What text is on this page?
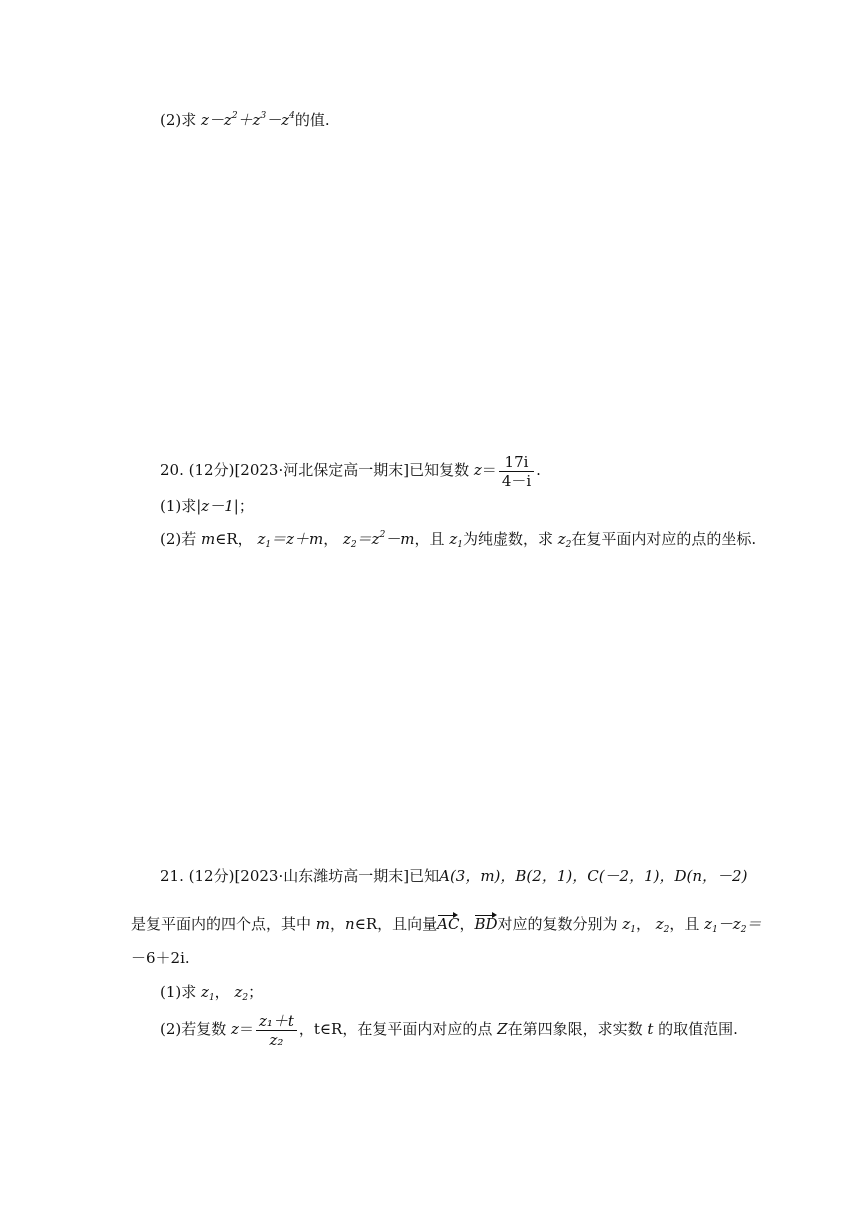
(2)求 $z-z^2+z^3-z^4$的值.
20. (12分)[2023·河北保定高一期末]已知复数 $z= \frac{17i}{4-i}$ .
(1)求|z－1|；
(2)若 m∈R， $z_1=z+m$， $z_2=z^2-m$，且 $z_1$为纯虚数，求 $z_2$在复平面内对应的点的坐标.
21. (12分)[2023·山东潍坊高一期末]已知A(3，m)，B(2，1)，C(－2，1)，D(n，－2)
是复平面内的四个点，其中 m，n∈R，且向量AC，BD对应的复数分别为 $z_1$， $z_2$，且 $z_1-z_2=$
－6＋2i.
(1)求 $z_1$， $z_2$；
(2)若复数 $z= \frac{\text{z₁＋t}}{\text{z₂}}$ ，t∈R，在复平面内对应的点 Z在第四象限，求实数 t 的取值范围.
